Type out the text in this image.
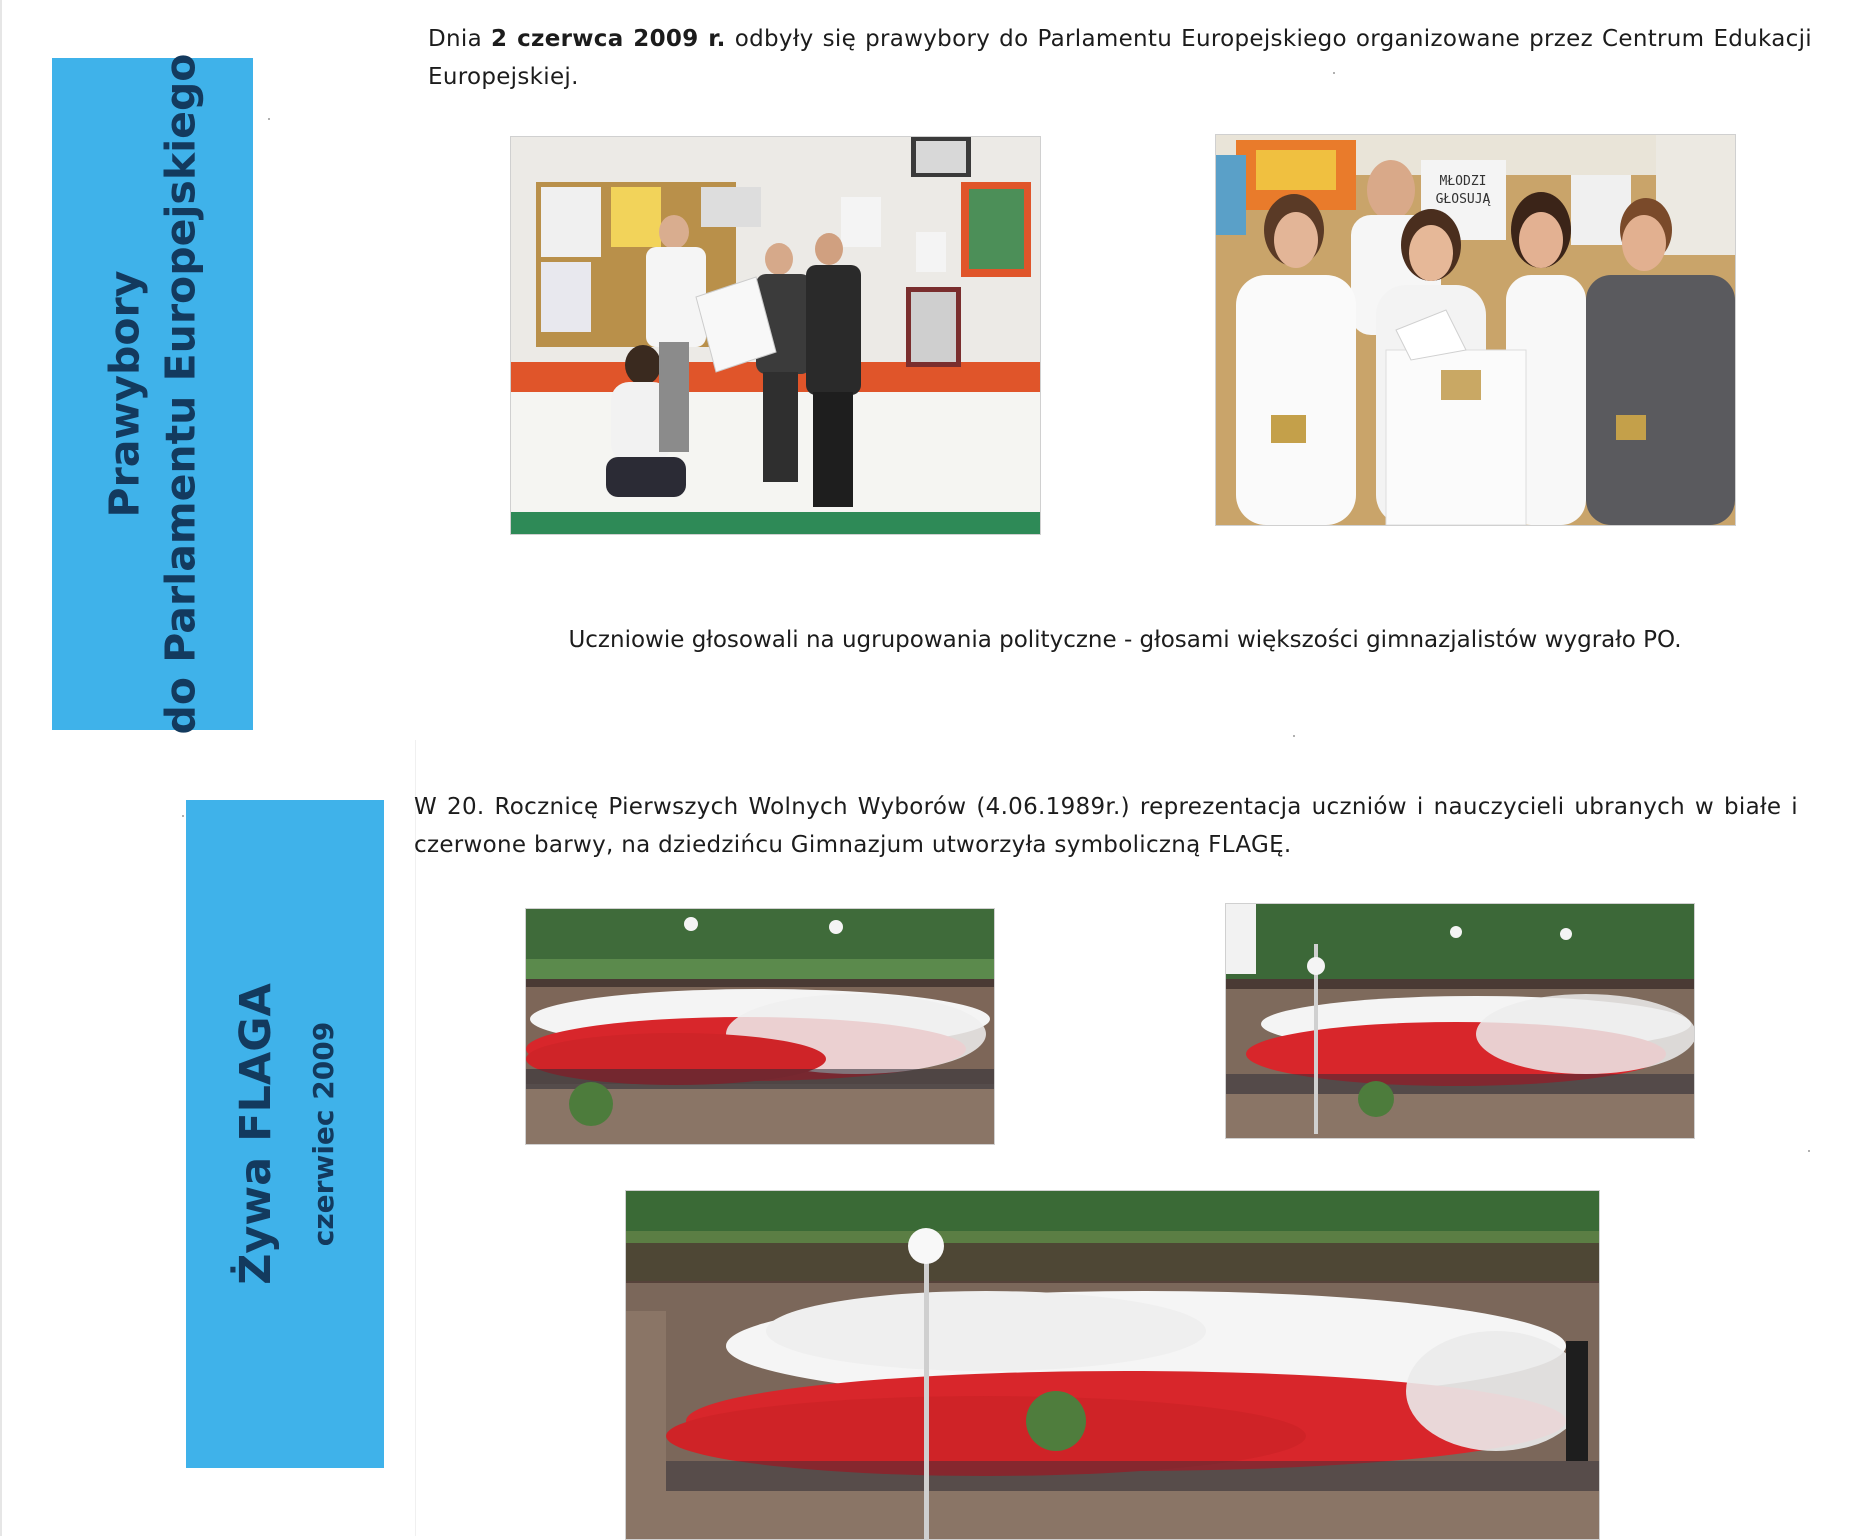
Prawybory do Parlamentu Europejskiego
Dnia 2 czerwca 2009 r. odbyły się prawybory do Parlamentu Europejskiego organizowane przez Centrum Edukacji Europejskiej.
MŁODZI
GŁOSUJĄ
Uczniowie głosowali na ugrupowania polityczne - głosami większości gimnazjalistów wygrało PO.
Żywa FLAGA czerwiec 2009
W 20. Rocznicę Pierwszych Wolnych Wyborów (4.06.1989r.) reprezentacja uczniów i nauczycieli ubranych w białe i czerwone barwy, na dziedzińcu Gimnazjum utworzyła symboliczną FLAGĘ.
